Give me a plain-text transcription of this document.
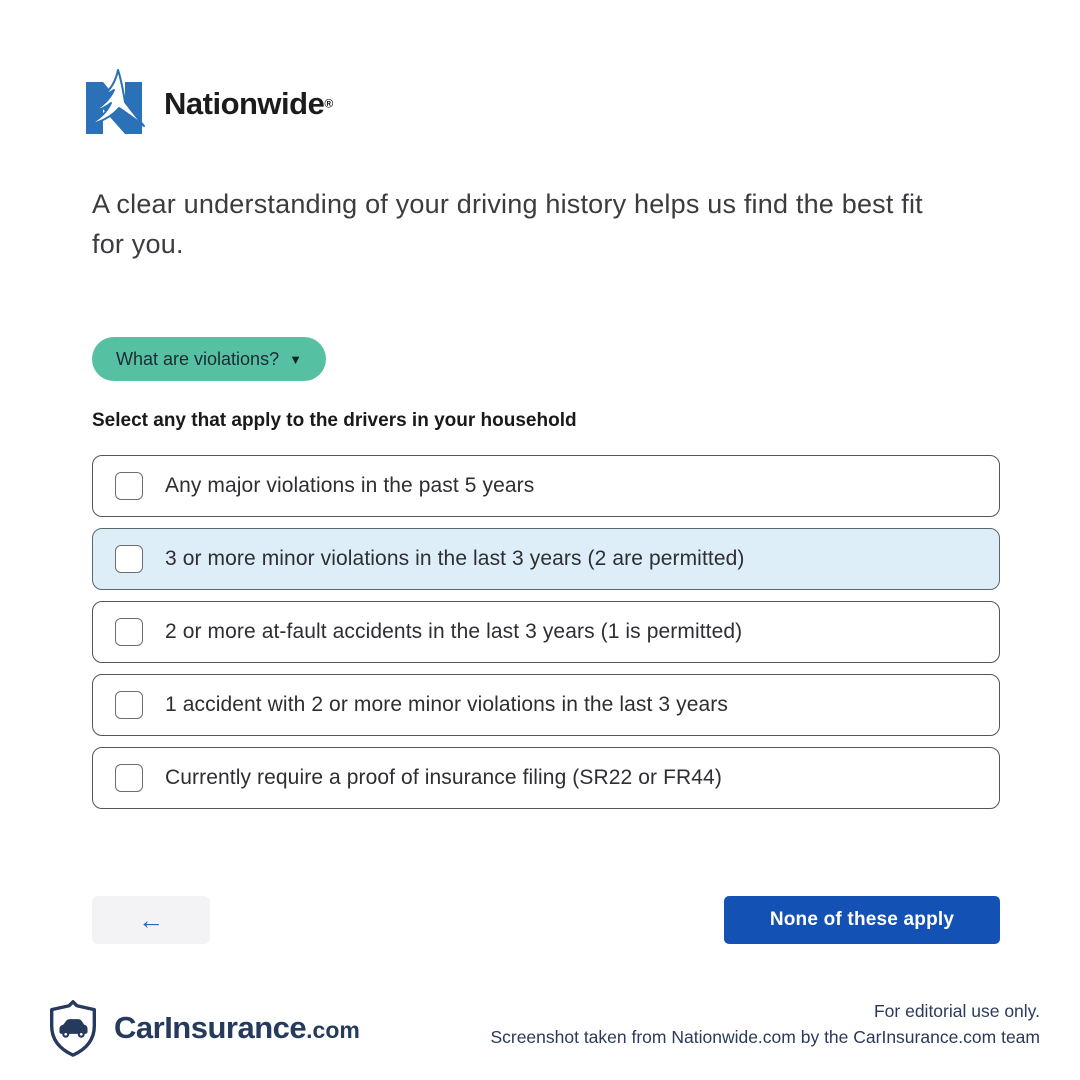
Nationwide®

A clear understanding of your driving history helps us find the best fit for you.

What are violations? ▼
Select any that apply to the drivers in your household
Any major violations in the past 5 years
3 or more minor violations in the last 3 years (2 are permitted)
2 or more at-fault accidents in the last 3 years (1 is permitted)
1 accident with 2 or more minor violations in the last 3 years
Currently require a proof of insurance filing (SR22 or FR44)
←	None of these apply
CarInsurance.com
For editorial use only.
Screenshot taken from Nationwide.com by the CarInsurance.com team
